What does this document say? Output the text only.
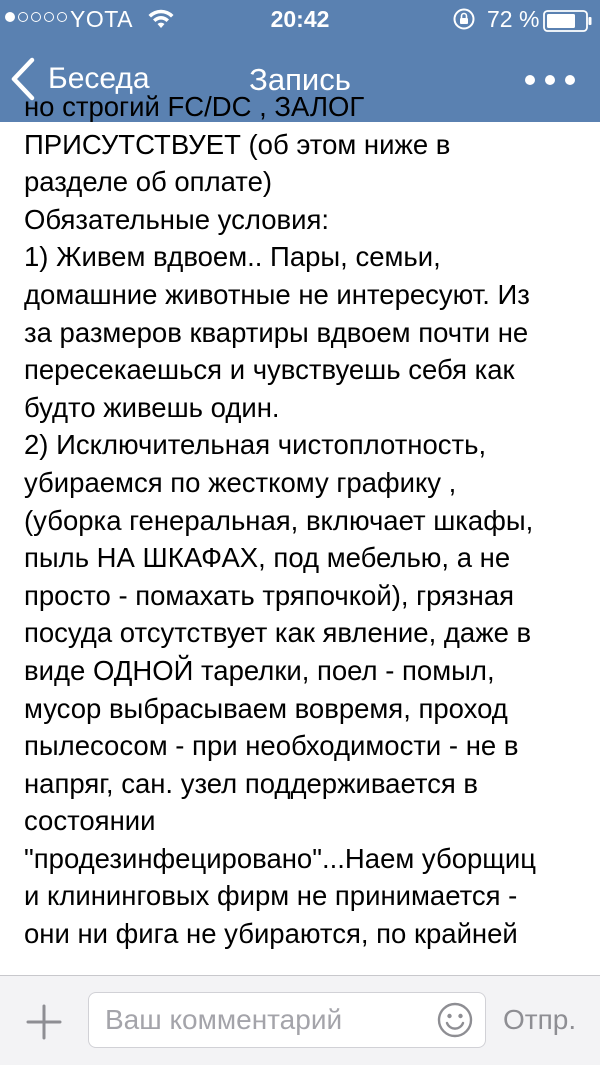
YOTA	20:42	72 %
Беседа	Запись

но строгий FC/DC , ЗАЛОГ
ПРИСУТСТВУЕТ (об этом ниже в
разделе об оплате)
Обязательные условия:
1) Живем вдвоем.. Пары, семьи,
домашние животные не интересуют. Из
за размеров квартиры вдвоем почти не
пересекаешься и чувствуешь себя как
будто живешь один.
2) Исключительная чистоплотность,
убираемся по жесткому графику ,
(уборка генеральная, включает шкафы,
пыль НА ШКАФАХ, под мебелью, а не
просто - помахать тряпочкой), грязная
посуда отсутствует как явление, даже в
виде ОДНОЙ тарелки, поел - помыл,
мусор выбрасываем вовремя, проход
пылесосом - при необходимости - не в
напряг, сан. узел поддерживается в
состоянии
"продезинфецировано"...Наем уборщиц
и клининговых фирм не принимается -
они ни фига не убираются, по крайней

Ваш комментарий
Отпр.
